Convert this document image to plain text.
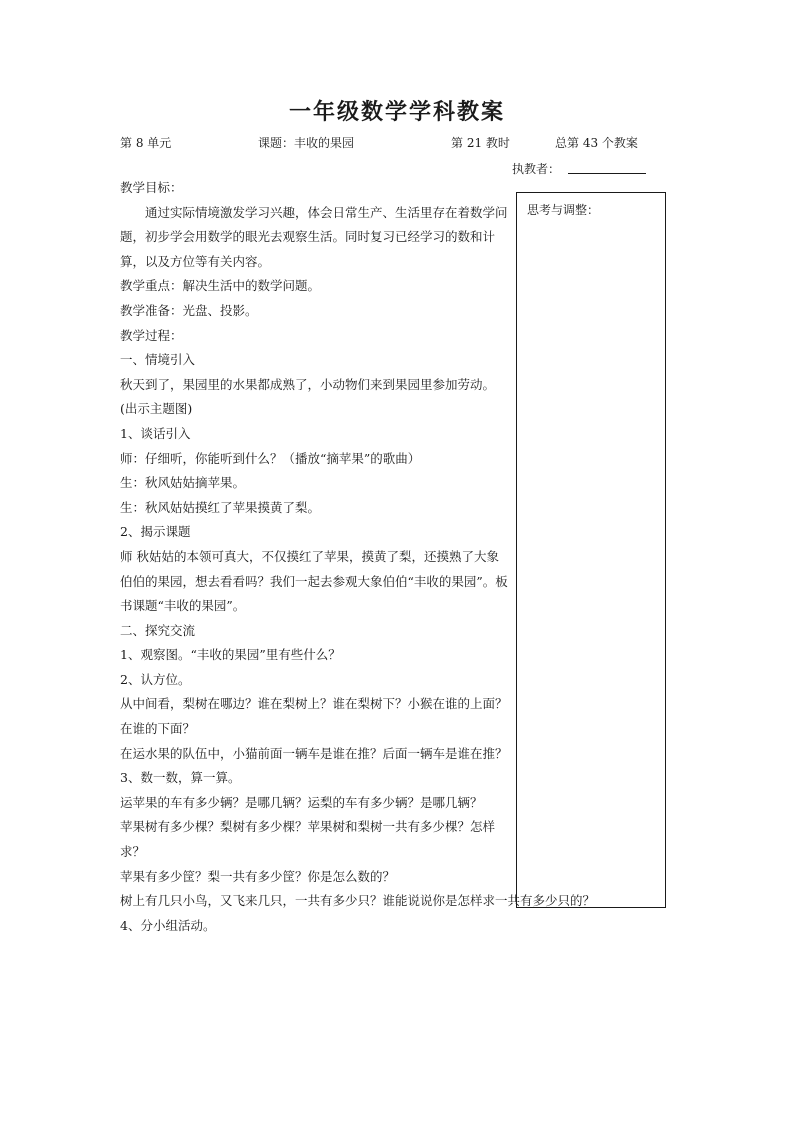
一年级数学学科教案
第 8 单元	课题：丰收的果园	第 21 教时	总第 43 个教案
执教者：
思考与调整：

教学目标：

通过实际情境激发学习兴趣，体会日常生产、生活里存在着数学问题，初步学会用数学的眼光去观察生活。同时复习已经学习的数和计算，以及方位等有关内容。

教学重点：解决生活中的数学问题。

教学准备：光盘、投影。

教学过程：

一、情境引入

秋天到了，果园里的水果都成熟了，小动物们来到果园里参加劳动。(出示主题图)

1、谈话引入

师：仔细听，你能听到什么？（播放“摘苹果”的歌曲）

生：秋风姑姑摘苹果。

生：秋风姑姑摸红了苹果摸黄了梨。

2、揭示课题

师 秋姑姑的本领可真大，不仅摸红了苹果，摸黄了梨，还摸熟了大象伯伯的果园，想去看看吗？我们一起去参观大象伯伯“丰收的果园”。板书课题“丰收的果园”。

二、探究交流

1、观察图。“丰收的果园”里有些什么？

2、认方位。

从中间看，梨树在哪边？谁在梨树上？谁在梨树下？小猴在谁的上面？在谁的下面？

在运水果的队伍中，小猫前面一辆车是谁在推？后面一辆车是谁在推？

3、数一数，算一算。

运苹果的车有多少辆？是哪几辆？运梨的车有多少辆？是哪几辆？

苹果树有多少棵？梨树有多少棵？苹果树和梨树一共有多少棵？怎样求？

苹果有多少筐？梨一共有多少筐？你是怎么数的？

树上有几只小鸟，又飞来几只，一共有多少只？谁能说说你是怎样求一共有多少只的？

4、分小组活动。
